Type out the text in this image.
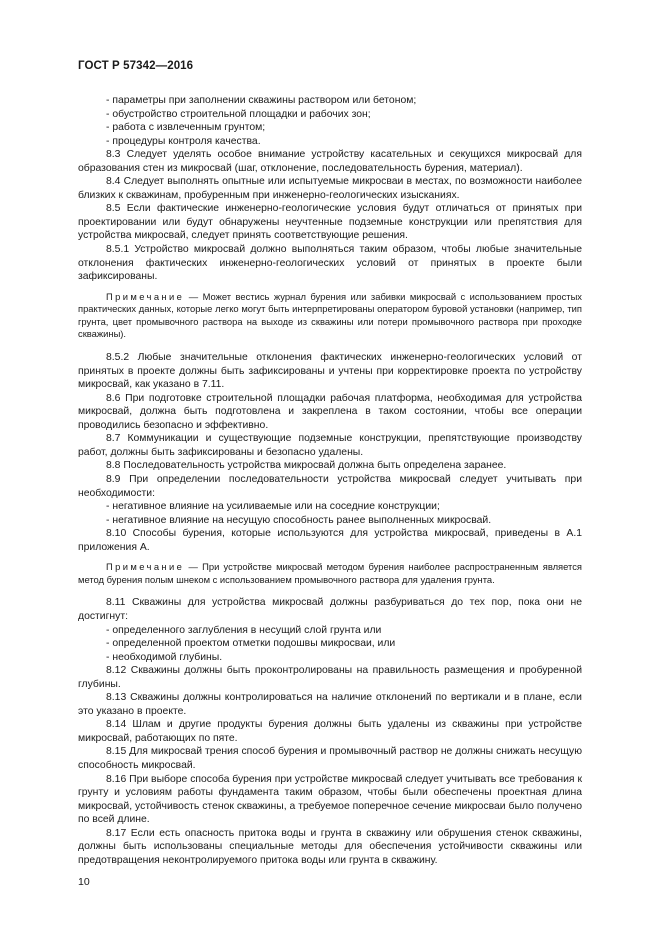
ГОСТ Р 57342—2016
- параметры при заполнении скважины раствором или бетоном;
- обустройство строительной площадки и рабочих зон;
- работа с извлеченным грунтом;
- процедуры контроля качества.

8.3 Следует уделять особое внимание устройству касательных и секущихся микросвай для образования стен из микросвай (шаг, отклонение, последовательность бурения, материал).

8.4 Следует выполнять опытные или испытуемые микросваи в местах, по возможности наиболее близких к скважинам, пробуренным при инженерно-геологических изысканиях.

8.5 Если фактические инженерно-геологические условия будут отличаться от принятых при проектировании или будут обнаружены неучтенные подземные конструкции или препятствия для устройства микросвай, следует принять соответствующие решения.

8.5.1 Устройство микросвай должно выполняться таким образом, чтобы любые значительные отклонения фактических инженерно-геологических условий от принятых в проекте были зафиксированы.

Примечание — Может вестись журнал бурения или забивки микросвай с использованием простых практических данных, которые легко могут быть интерпретированы оператором буровой установки (например, тип грунта, цвет промывочного раствора на выходе из скважины или потери промывочного раствора при проходке скважины).

8.5.2 Любые значительные отклонения фактических инженерно-геологических условий от принятых в проекте должны быть зафиксированы и учтены при корректировке проекта по устройству микросвай, как указано в 7.11.

8.6 При подготовке строительной площадки рабочая платформа, необходимая для устройства микросвай, должна быть подготовлена и закреплена в таком состоянии, чтобы все операции проводились безопасно и эффективно.

8.7 Коммуникации и существующие подземные конструкции, препятствующие производству работ, должны быть зафиксированы и безопасно удалены.

8.8 Последовательность устройства микросвай должна быть определена заранее.

8.9 При определении последовательности устройства микросвай следует учитывать при необходимости:

- негативное влияние на усиливаемые или на соседние конструкции;
- негативное влияние на несущую способность ранее выполненных микросвай.

8.10 Способы бурения, которые используются для устройства микросвай, приведены в А.1 приложения А.

Примечание — При устройстве микросвай методом бурения наиболее распространенным является метод бурения полым шнеком с использованием промывочного раствора для удаления грунта.

8.11 Скважины для устройства микросвай должны разбуриваться до тех пор, пока они не достигнут:

- определенного заглубления в несущий слой грунта или
- определенной проектом отметки подошвы микросваи, или
- необходимой глубины.

8.12 Скважины должны быть проконтролированы на правильность размещения и пробуренной глубины.

8.13 Скважины должны контролироваться на наличие отклонений по вертикали и в плане, если это указано в проекте.

8.14 Шлам и другие продукты бурения должны быть удалены из скважины при устройстве микросвай, работающих по пяте.

8.15 Для микросвай трения способ бурения и промывочный раствор не должны снижать несущую способность микросвай.

8.16 При выборе способа бурения при устройстве микросвай следует учитывать все требования к грунту и условиям работы фундамента таким образом, чтобы были обеспечены проектная длина микросвай, устойчивость стенок скважины, а требуемое поперечное сечение микросваи было получено по всей длине.

8.17 Если есть опасность притока воды и грунта в скважину или обрушения стенок скважины, должны быть использованы специальные методы для обеспечения устойчивости скважины или предотвращения неконтролируемого притока воды или грунта в скважину.

10
